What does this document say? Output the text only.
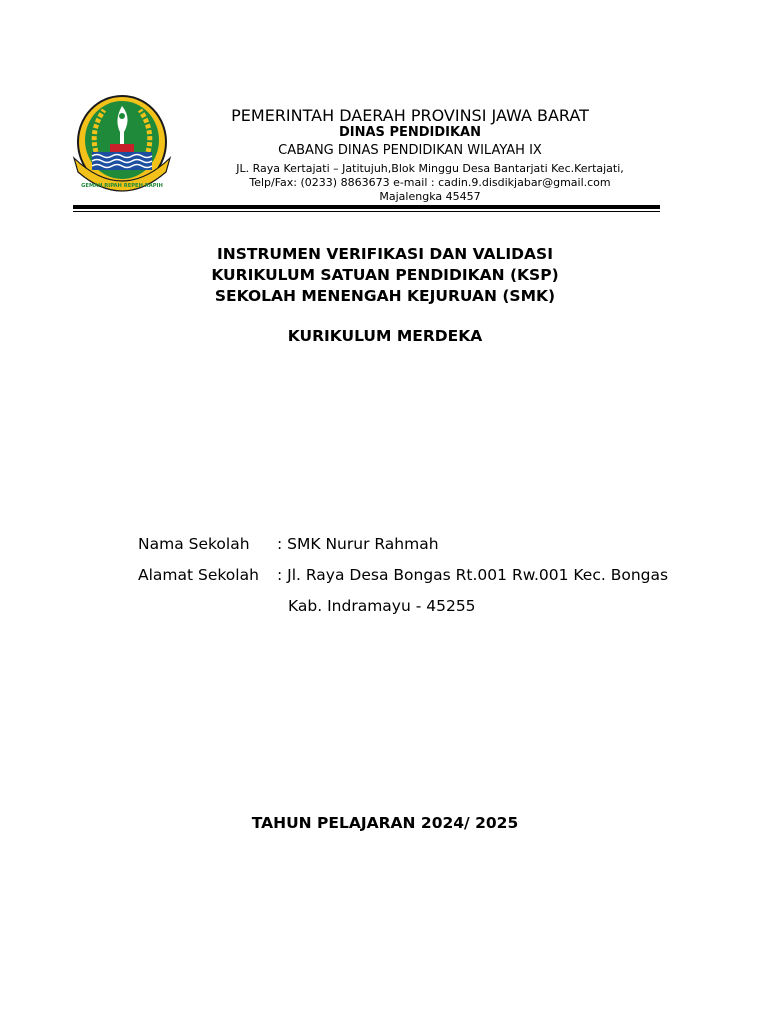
GEMAH RIPAH REPEH RAPIH
PEMERINTAH DAERAH PROVINSI JAWA BARAT
DINAS PENDIDIKAN
CABANG DINAS PENDIDIKAN WILAYAH IX
JL. Raya Kertajati – Jatitujuh,Blok Minggu Desa Bantarjati Kec.Kertajati,
Telp/Fax: (0233) 8863673 e-mail : cadin.9.disdikjabar@gmail.com
Majalengka 45457
INSTRUMEN VERIFIKASI DAN VALIDASI
KURIKULUM SATUAN PENDIDIKAN (KSP)
SEKOLAH MENENGAH KEJURUAN (SMK)
KURIKULUM MERDEKA
Nama Sekolah : SMK Nurur Rahmah
Alamat Sekolah : Jl. Raya Desa Bongas Rt.001 Rw.001 Kec. Bongas
Kab. Indramayu - 45255
TAHUN PELAJARAN 2024/ 2025
